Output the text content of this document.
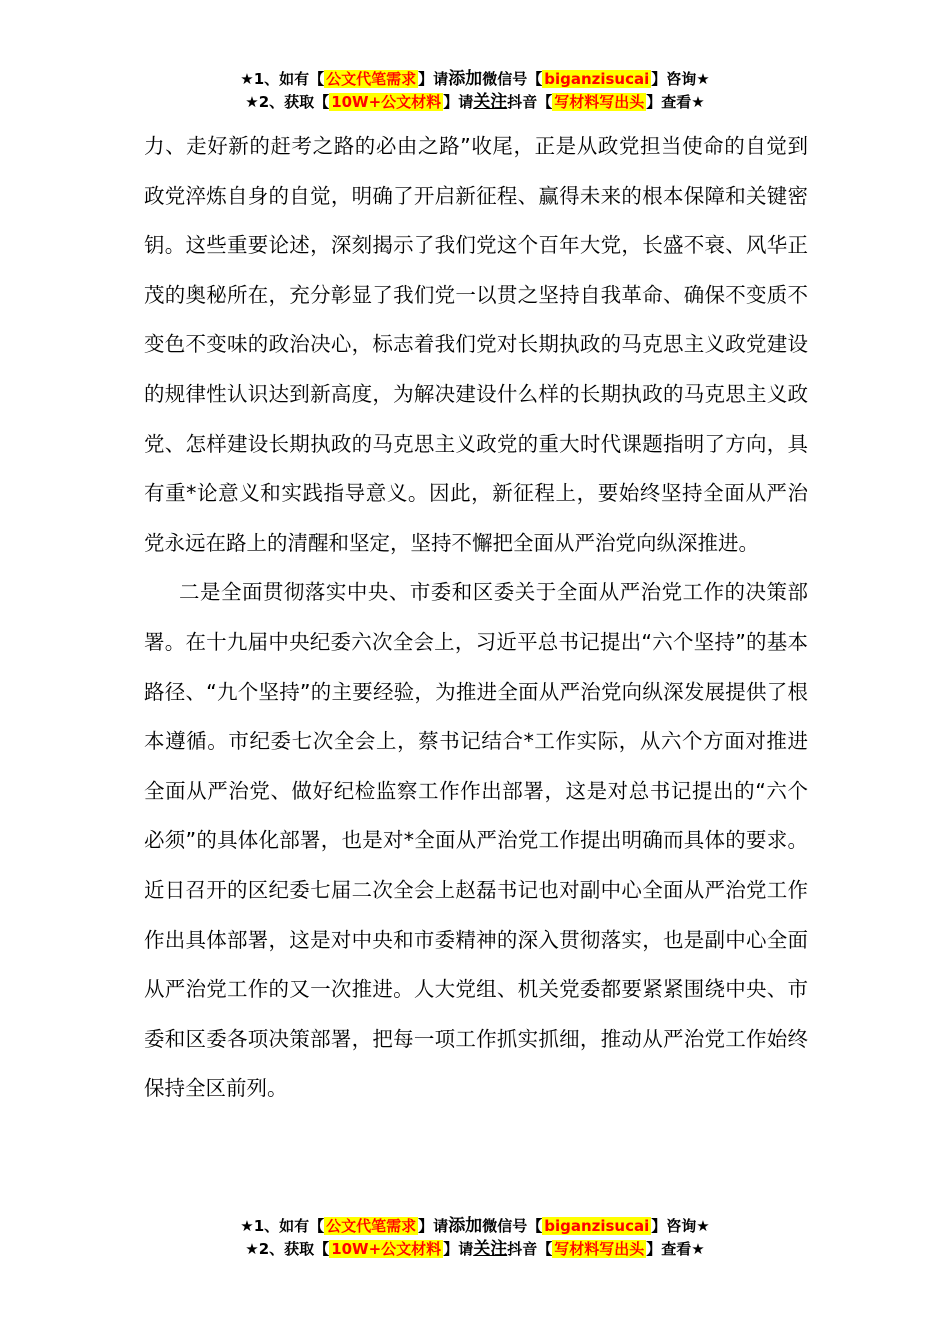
★1、如有【 公文代笔需求 】请添加微信号【 biganzisucai 】咨询★
★2、获取【 10W+公文材料 】请关注抖音【 写材料写出头 】查看★

力、走好新的赶考之路的必由之路”收尾，正是从政党担当使命的自觉到政党淬炼自身的自觉，明确了开启新征程、赢得未来的根本保障和关键密钥。这些重要论述，深刻揭示了我们党这个百年大党，长盛不衰、风华正茂的奥秘所在，充分彰显了我们党一以贯之坚持自我革命、确保不变质不变色不变味的政治决心，标志着我们党对长期执政的马克思主义政党建设的规律性认识达到新高度，为解决建设什么样的长期执政的马克思主义政党、怎样建设长期执政的马克思主义政党的重大时代课题指明了方向，具有重*论意义和实践指导意义。因此，新征程上，要始终坚持全面从严治党永远在路上的清醒和坚定，坚持不懈把全面从严治党向纵深推进。

二是全面贯彻落实中央、市委和区委关于全面从严治党工作的决策部署。在十九届中央纪委六次全会上，习近平总书记提出“六个坚持”的基本路径、“九个坚持”的主要经验，为推进全面从严治党向纵深发展提供了根本遵循。市纪委七次全会上，蔡书记结合*工作实际，从六个方面对推进全面从严治党、做好纪检监察工作作出部署，这是对总书记提出的“六个必须”的具体化部署，也是对*全面从严治党工作提出明确而具体的要求。近日召开的区纪委七届二次全会上赵磊书记也对副中心全面从严治党工作作出具体部署，这是对中央和市委精神的深入贯彻落实，也是副中心全面从严治党工作的又一次推进。人大党组、机关党委都要紧紧围绕中央、市委和区委各项决策部署，把每一项工作抓实抓细，推动从严治党工作始终保持全区前列。

★1、如有【 公文代笔需求 】请添加微信号【 biganzisucai 】咨询★
★2、获取【 10W+公文材料 】请关注抖音【 写材料写出头 】查看★
